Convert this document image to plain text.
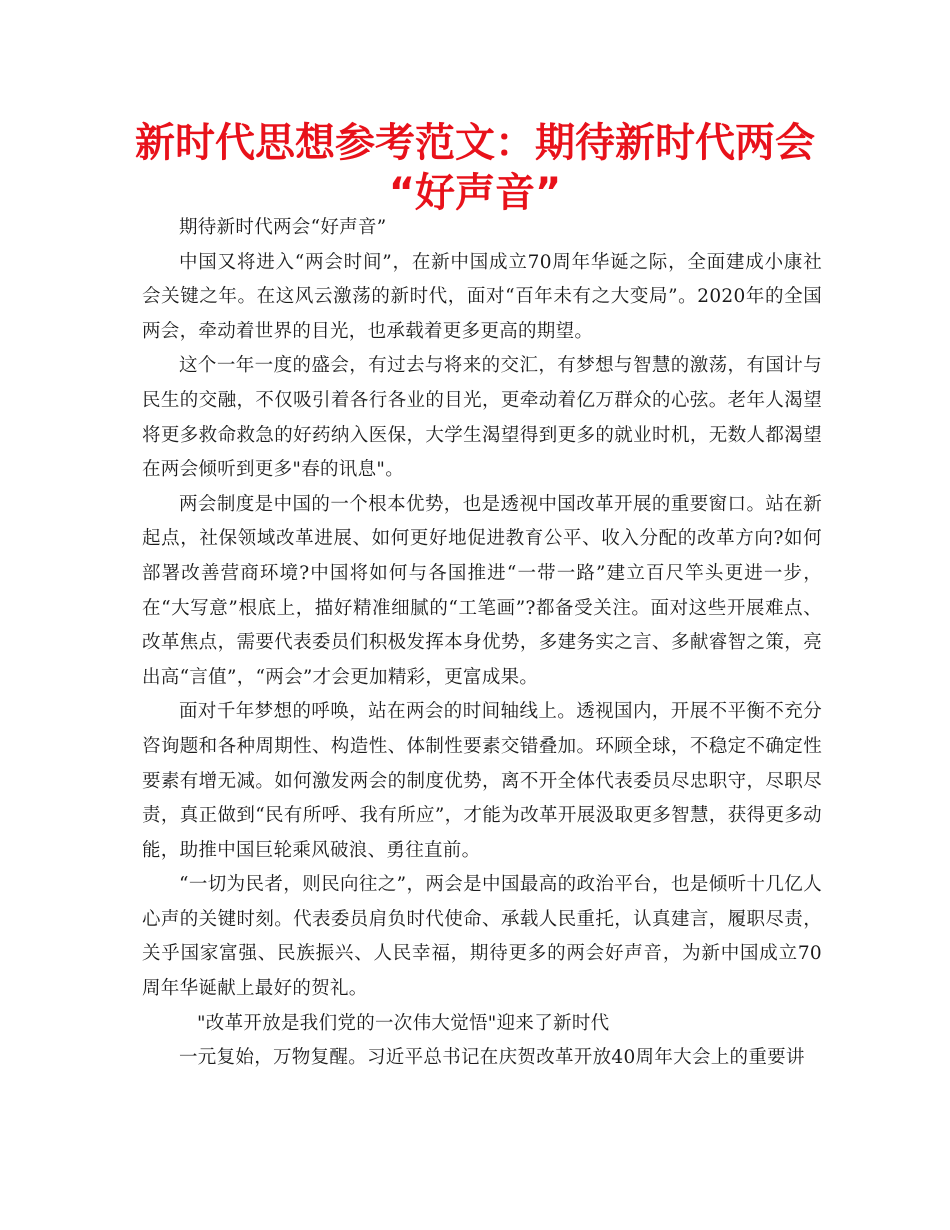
新时代思想参考范文：期待新时代两会
“好声音”

期待新时代两会“好声音”

中国又将进入“两会时间”，在新中国成立70周年华诞之际，全面建成小康社会关键之年。在这风云激荡的新时代，面对“百年未有之大变局”。2020年的全国两会，牵动着世界的目光，也承载着更多更高的期望。

这个一年一度的盛会，有过去与将来的交汇，有梦想与智慧的激荡，有国计与民生的交融，不仅吸引着各行各业的目光，更牵动着亿万群众的心弦。老年人渴望将更多救命救急的好药纳入医保，大学生渴望得到更多的就业时机，无数人都渴望在两会倾听到更多"春的讯息"。

两会制度是中国的一个根本优势，也是透视中国改革开展的重要窗口。站在新起点，社保领域改革进展、如何更好地促进教育公平、收入分配的改革方向?如何部署改善营商环境?中国将如何与各国推进“一带一路”建立百尺竿头更进一步，在“大写意”根底上，描好精准细腻的“工笔画”?都备受关注。面对这些开展难点、改革焦点，需要代表委员们积极发挥本身优势，多建务实之言、多献睿智之策，亮出高“言值”，“两会”才会更加精彩，更富成果。

面对千年梦想的呼唤，站在两会的时间轴线上。透视国内，开展不平衡不充分咨询题和各种周期性、构造性、体制性要素交错叠加。环顾全球，不稳定不确定性要素有增无减。如何激发两会的制度优势，离不开全体代表委员尽忠职守，尽职尽责，真正做到“民有所呼、我有所应”，才能为改革开展汲取更多智慧，获得更多动能，助推中国巨轮乘风破浪、勇往直前。

“一切为民者，则民向往之”，两会是中国最高的政治平台，也是倾听十几亿人心声的关键时刻。代表委员肩负时代使命、承载人民重托，认真建言，履职尽责，关乎国家富强、民族振兴、人民幸福，期待更多的两会好声音，为新中国成立70周年华诞献上最好的贺礼。

"改革开放是我们党的一次伟大觉悟"迎来了新时代

一元复始，万物复醒。习近平总书记在庆贺改革开放40周年大会上的重要讲
